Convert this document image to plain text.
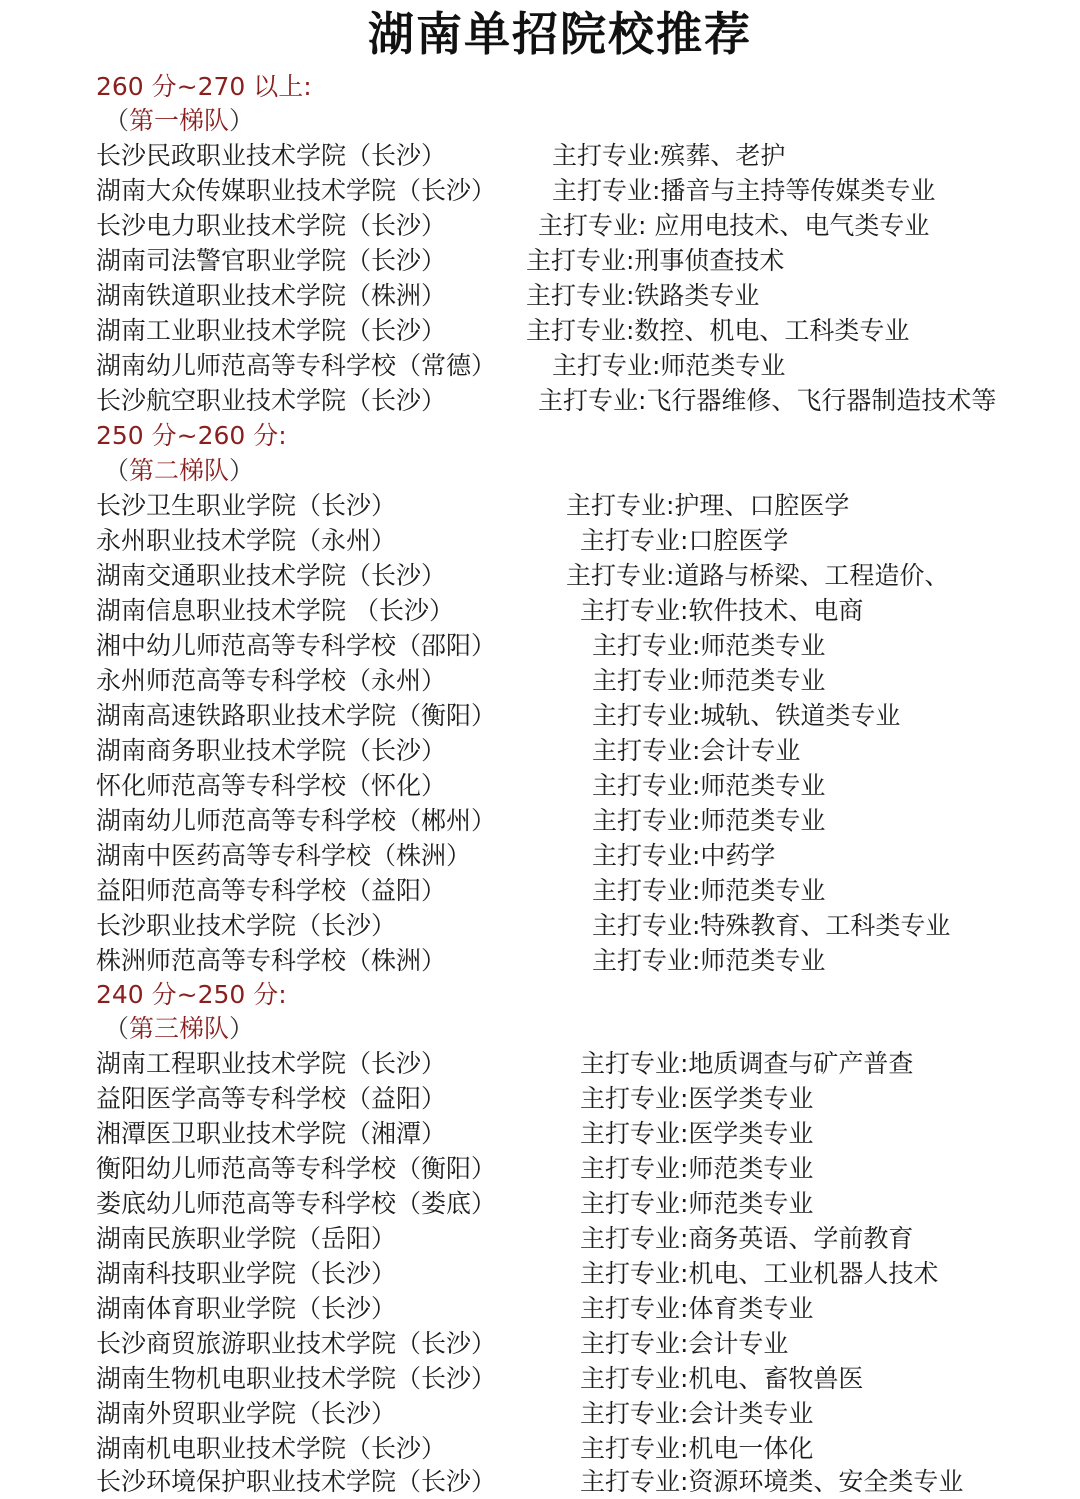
湖南单招院校推荐
260 分~270 以上:
（第一梯队）
长沙民政职业技术学院（长沙）	主打专业:殡葬、老护
湖南大众传媒职业技术学院（长沙） 主打专业:播音与主持等传媒类专业
长沙电力职业技术学院（长沙）	主打专业: 应用电技术、电气类专业
湖南司法警官职业学院（长沙）	主打专业:刑事侦查技术
湖南铁道职业技术学院（株洲）	主打专业:铁路类专业
湖南工业职业技术学院（长沙）	主打专业:数控、机电、工科类专业
湖南幼儿师范高等专科学校（常德） 主打专业:师范类专业
长沙航空职业技术学院（长沙）	主打专业:飞行器维修、飞行器制造技术等
250 分~260 分:
（第二梯队）
长沙卫生职业学院（长沙）	主打专业:护理、口腔医学
永州职业技术学院（永州）	主打专业:口腔医学
湖南交通职业技术学院（长沙）	主打专业:道路与桥梁、工程造价、
湖南信息职业技术学院 （长沙）	主打专业:软件技术、电商
湘中幼儿师范高等专科学校（邵阳）	主打专业:师范类专业
永州师范高等专科学校（永州）	主打专业:师范类专业
湖南高速铁路职业技术学院（衡阳）	主打专业:城轨、铁道类专业
湖南商务职业技术学院（长沙）	主打专业:会计专业
怀化师范高等专科学校（怀化）	主打专业:师范类专业
湖南幼儿师范高等专科学校（郴州）	主打专业:师范类专业
湖南中医药高等专科学校（株洲）	主打专业:中药学
益阳师范高等专科学校（益阳）	主打专业:师范类专业
长沙职业技术学院（长沙）	主打专业:特殊教育、工科类专业
株洲师范高等专科学校（株洲）	主打专业:师范类专业
240 分~250 分:
（第三梯队）
湖南工程职业技术学院（长沙）	主打专业:地质调查与矿产普查
益阳医学高等专科学校（益阳）	主打专业:医学类专业
湘潭医卫职业技术学院（湘潭）	主打专业:医学类专业
衡阳幼儿师范高等专科学校（衡阳）	主打专业:师范类专业
娄底幼儿师范高等专科学校（娄底）	主打专业:师范类专业
湖南民族职业学院（岳阳）	主打专业:商务英语、学前教育
湖南科技职业学院（长沙）	主打专业:机电、工业机器人技术
湖南体育职业学院（长沙）	主打专业:体育类专业
长沙商贸旅游职业技术学院（长沙）	主打专业:会计专业
湖南生物机电职业技术学院（长沙）	主打专业:机电、畜牧兽医
湖南外贸职业学院（长沙）	主打专业:会计类专业
湖南机电职业技术学院（长沙）	主打专业:机电一体化
长沙环境保护职业技术学院（长沙）	主打专业:资源环境类、安全类专业
